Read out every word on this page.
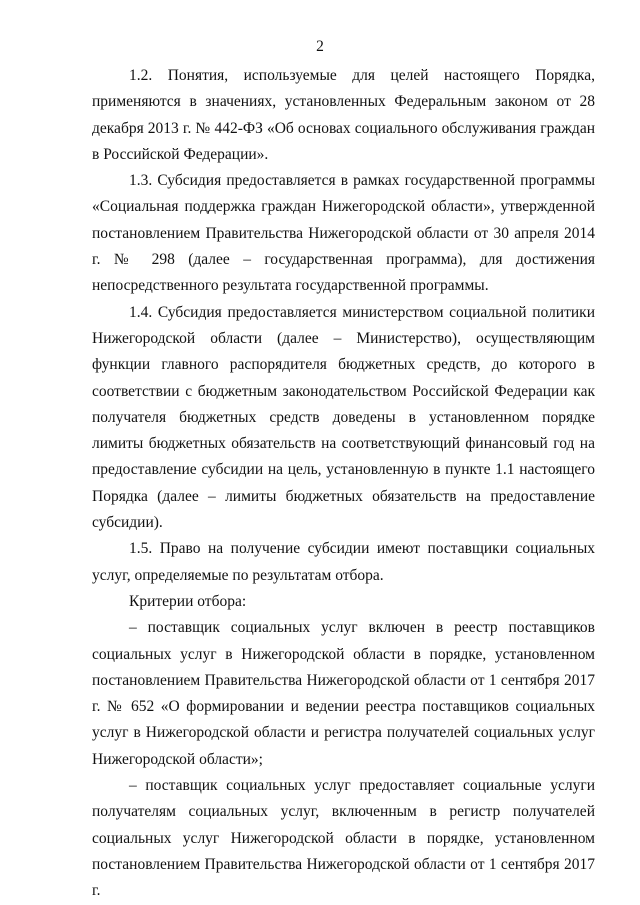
2

1.2. Понятия, используемые для целей настоящего Порядка, применяются в значениях, установленных Федеральным законом от 28 декабря 2013 г. № 442-ФЗ «Об основах социального обслуживания граждан в Российской Федерации».

1.3. Субсидия предоставляется в рамках государственной программы «Социальная поддержка граждан Нижегородской области», утвержденной постановлением Правительства Нижегородской области от 30 апреля 2014 г. № 298 (далее – государственная программа), для достижения непосредственного результата государственной программы.

1.4. Субсидия предоставляется министерством социальной политики Нижегородской области (далее – Министерство), осуществляющим функции главного распорядителя бюджетных средств, до которого в соответствии с бюджетным законодательством Российской Федерации как получателя бюджетных средств доведены в установленном порядке лимиты бюджетных обязательств на соответствующий финансовый год на предоставление субсидии на цель, установленную в пункте 1.1 настоящего Порядка (далее – лимиты бюджетных обязательств на предоставление субсидии).

1.5. Право на получение субсидии имеют поставщики социальных услуг, определяемые по результатам отбора.

Критерии отбора:

– поставщик социальных услуг включен в реестр поставщиков социальных услуг в Нижегородской области в порядке, установленном постановлением Правительства Нижегородской области от 1 сентября 2017 г. № 652 «О формировании и ведении реестра поставщиков социальных услуг в Нижегородской области и регистра получателей социальных услуг Нижегородской области»;

– поставщик социальных услуг предоставляет социальные услуги получателям социальных услуг, включенным в регистр получателей социальных услуг Нижегородской области в порядке, установленном постановлением Правительства Нижегородской области от 1 сентября 2017 г.
